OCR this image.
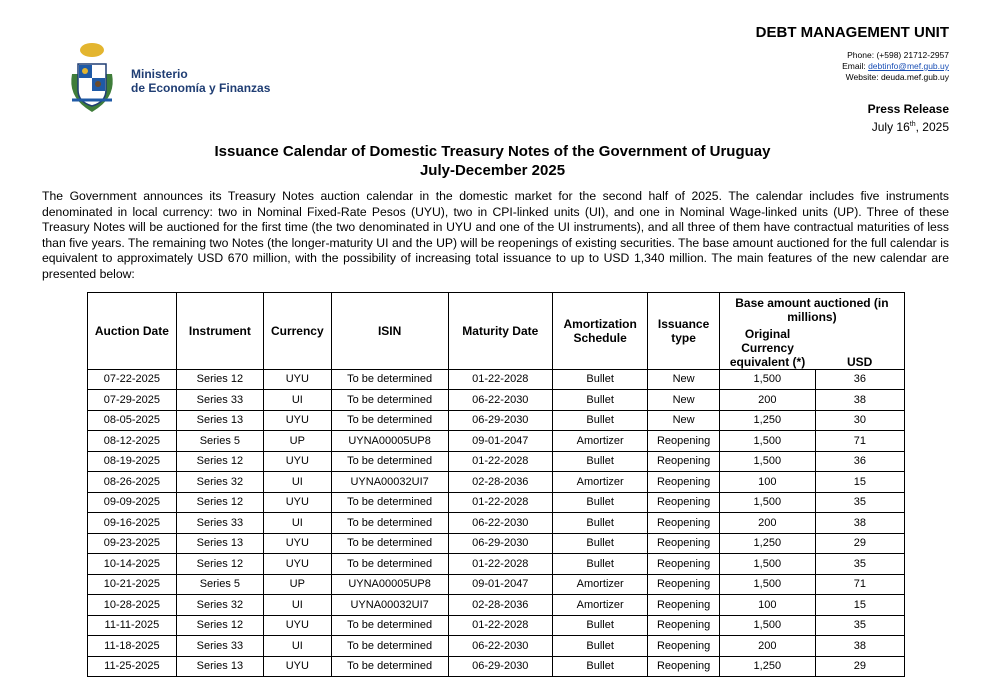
Ministerio
de Economía y Finanzas
DEBT MANAGEMENT UNIT
Phone: (+598) 21712-2957
Email: debtinfo@mef.gub.uy
Website: deuda.mef.gub.uy
Press Release
July 16th, 2025
Issuance Calendar of Domestic Treasury Notes of the Government of Uruguay
July-December 2025
The Government announces its Treasury Notes auction calendar in the domestic market for the second half of 2025. The calendar includes five instruments denominated in local currency: two in Nominal Fixed-Rate Pesos (UYU), two in CPI-linked units (UI), and one in Nominal Wage-linked units (UP). Three of these Treasury Notes will be auctioned for the first time (the two denominated in UYU and one of the UI instruments), and all three of them have contractual maturities of less than five years. The remaining two Notes (the longer-maturity UI and the UP) will be reopenings of existing securities. The base amount auctioned for the full calendar is equivalent to approximately USD 670 million, with the possibility of increasing total issuance to up to USD 1,340 million. The main features of the new calendar are presented below:
Auction Date	Instrument	Currency	ISIN	Maturity Date	Amortization Schedule	Issuance type	Base amount auctioned (in millions)	
							Original Currency equivalent (*)	USD
07-22-2025	Series 12	UYU	To be determined	01-22-2028	Bullet	New	1,500	36
07-29-2025	Series 33	UI	To be determined	06-22-2030	Bullet	New	200	38
08-05-2025	Series 13	UYU	To be determined	06-29-2030	Bullet	New	1,250	30
08-12-2025	Series 5	UP	UYNA00005UP8	09-01-2047	Amortizer	Reopening	1,500	71
08-19-2025	Series 12	UYU	To be determined	01-22-2028	Bullet	Reopening	1,500	36
08-26-2025	Series 32	UI	UYNA00032UI7	02-28-2036	Amortizer	Reopening	100	15
09-09-2025	Series 12	UYU	To be determined	01-22-2028	Bullet	Reopening	1,500	35
09-16-2025	Series 33	UI	To be determined	06-22-2030	Bullet	Reopening	200	38
09-23-2025	Series 13	UYU	To be determined	06-29-2030	Bullet	Reopening	1,250	29
10-14-2025	Series 12	UYU	To be determined	01-22-2028	Bullet	Reopening	1,500	35
10-21-2025	Series 5	UP	UYNA00005UP8	09-01-2047	Amortizer	Reopening	1,500	71
10-28-2025	Series 32	UI	UYNA00032UI7	02-28-2036	Amortizer	Reopening	100	15
11-11-2025	Series 12	UYU	To be determined	01-22-2028	Bullet	Reopening	1,500	35
11-18-2025	Series 33	UI	To be determined	06-22-2030	Bullet	Reopening	200	38
11-25-2025	Series 13	UYU	To be determined	06-29-2030	Bullet	Reopening	1,250	29
